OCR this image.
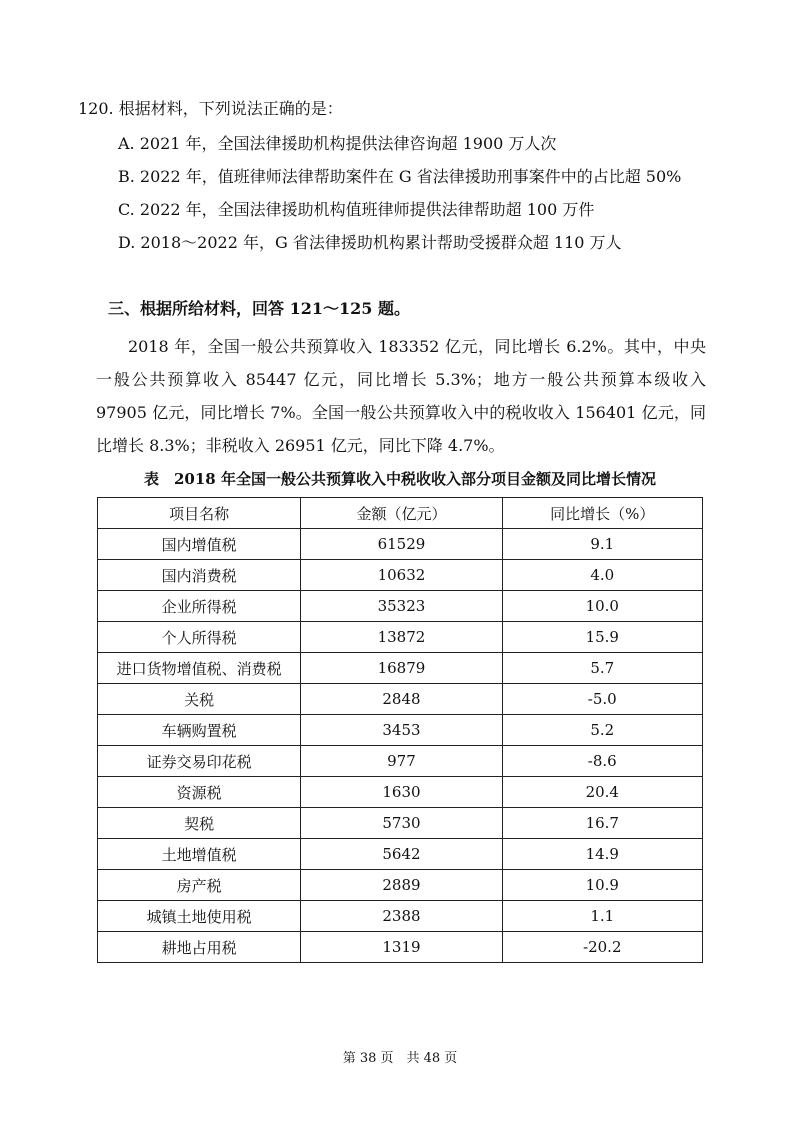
120. 根据材料，下列说法正确的是：
A. 2021 年，全国法律援助机构提供法律咨询超 1900 万人次
B. 2022 年，值班律师法律帮助案件在 G 省法律援助刑事案件中的占比超 50%
C. 2022 年，全国法律援助机构值班律师提供法律帮助超 100 万件
D. 2018～2022 年，G 省法律援助机构累计帮助受援群众超 110 万人
三、根据所给材料，回答 121～125 题。
2018 年，全国一般公共预算收入 183352 亿元，同比增长 6.2%。其中，中央一般公共预算收入 85447 亿元，同比增长 5.3%；地方一般公共预算本级收入 97905 亿元，同比增长 7%。全国一般公共预算收入中的税收收入 156401 亿元，同比增长 8.3%；非税收入 26951 亿元，同比下降 4.7%。
表　2018 年全国一般公共预算收入中税收收入部分项目金额及同比增长情况
项目名称	金额（亿元）	同比增长（%）
国内增值税	61529	9.1
国内消费税	10632	4.0
企业所得税	35323	10.0
个人所得税	13872	15.9
进口货物增值税、消费税	16879	5.7
关税	2848	-5.0
车辆购置税	3453	5.2
证券交易印花税	977	-8.6
资源税	1630	20.4
契税	5730	16.7
土地增值税	5642	14.9
房产税	2889	10.9
城镇土地使用税	2388	1.1
耕地占用税	1319	-20.2
第 38 页　共 48 页
